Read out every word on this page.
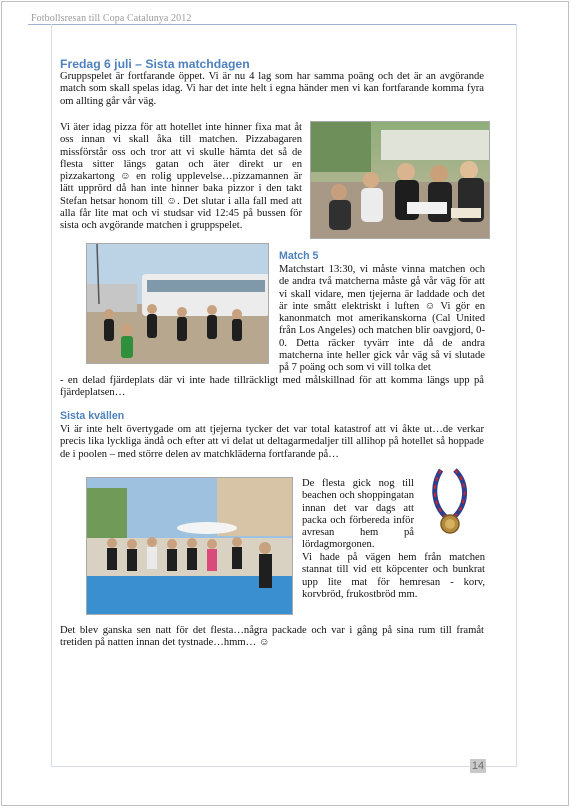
Fotbollsresan till Copa Catalunya 2012
Fredag 6 juli – Sista matchdagen

Gruppspelet är fortfarande öppet. Vi är nu 4 lag som har samma poäng och det är an avgörande match som skall spelas idag. Vi har det inte helt i egna händer men vi kan fortfarande komma fyra om allting går vår väg.

Vi äter idag pizza för att hotellet inte hinner fixa mat åt oss innan vi skall åka till matchen. Pizzabagaren missförstår oss och tror att vi skulle hämta det så de flesta sitter längs gatan och äter direkt ur en pizzakartong ☺ en rolig upplevelse…pizzamannen är lätt upprörd då han inte hinner baka pizzor i den takt Stefan hetsar honom till ☺. Det slutar i alla fall med att alla får lite mat och vi studsar vid 12:45 på bussen för sista och avgörande matchen i gruppspelet.

Match 5

Matchstart 13:30, vi måste vinna matchen och de andra två matcherna måste gå vår väg för att vi skall vidare, men tjejerna är laddade och det är inte smått elektriskt i luften ☺ Vi gör en kanonmatch mot amerikanskorna (Cal United från Los Angeles) och matchen blir oavgjord, 0-0. Detta räcker tyvärr inte då de andra matcherna inte heller gick vår väg så vi slutade på 7 poäng och som vi vill tolka det

- en delad fjärdeplats där vi inte hade tillräckligt med målskillnad för att komma längs upp på fjärdeplatsen…

Sista kvällen

Vi är inte helt övertygade om att tjejerna tycker det var total katastrof att vi åkte ut…de verkar precis lika lyckliga ändå och efter att vi delat ut deltagarmedaljer till allihop på hotellet så hoppade de i poolen – med större delen av matchkläderna fortfarande på…

De flesta gick nog till beachen och shoppingatan innan det var dags att packa och förbereda inför avresan hem på lördagmorgonen.

Vi hade på vägen hem från matchen stannat till vid ett köpcenter och bunkrat upp lite mat för hemresan - korv, korvbröd, frukostbröd mm.

Det blev ganska sen natt för det flesta…några packade och var i gång på sina rum till framåt tretiden på natten innan det tystnade…hmm… ☺

14
